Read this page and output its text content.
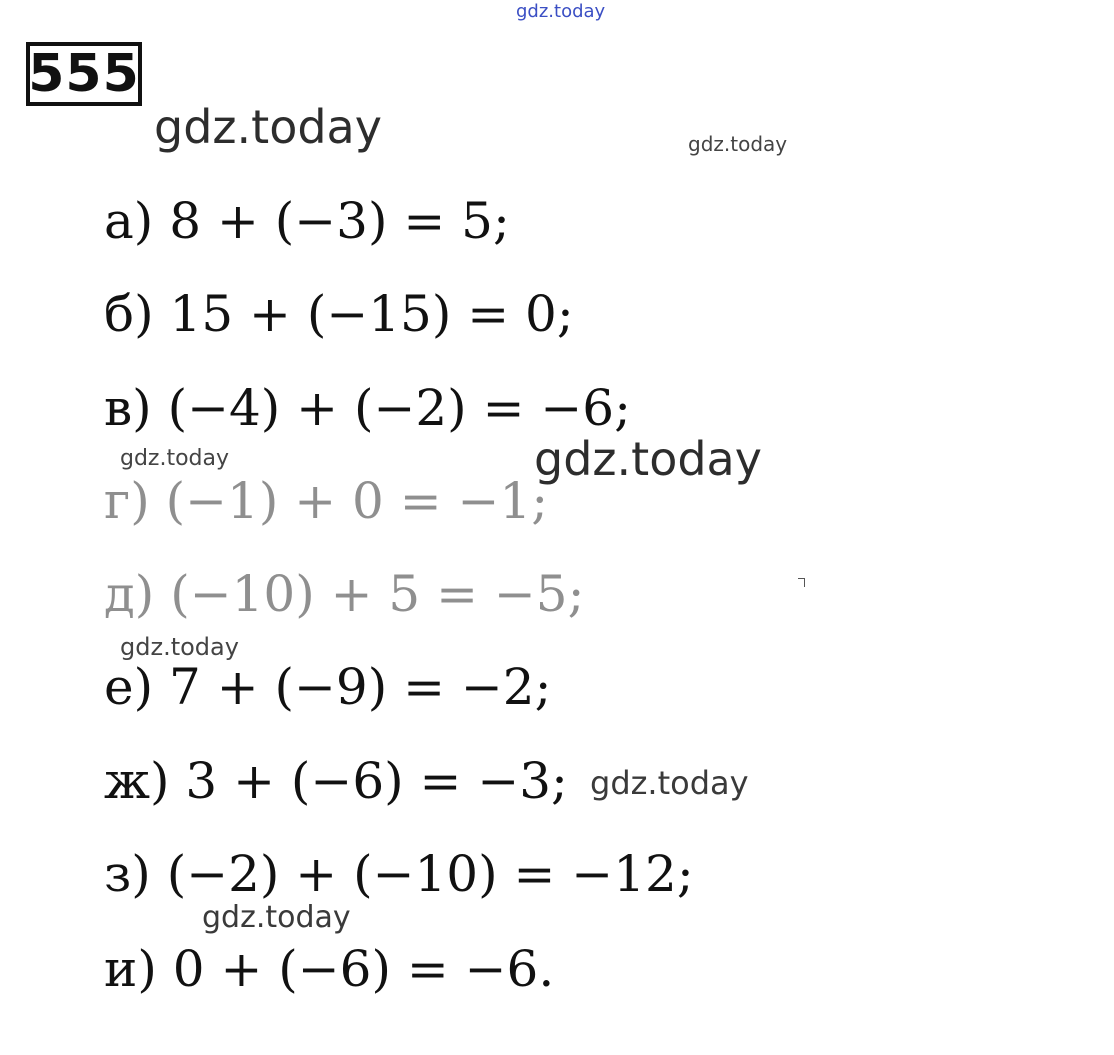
555
gdz.today
gdz.today	gdz.today
gdz.today	gdz.today
gdz.today
gdz.today
gdz.today
а) 8 + (−3) = 5;
б) 15 + (−15) = 0;
в) (−4) + (−2) = −6;
г) (−1) + 0 = −1;
д) (−10) + 5 = −5;
е) 7 + (−9) = −2;
ж) 3 + (−6) = −3;
з) (−2) + (−10) = −12;
и) 0 + (−6) = −6.
